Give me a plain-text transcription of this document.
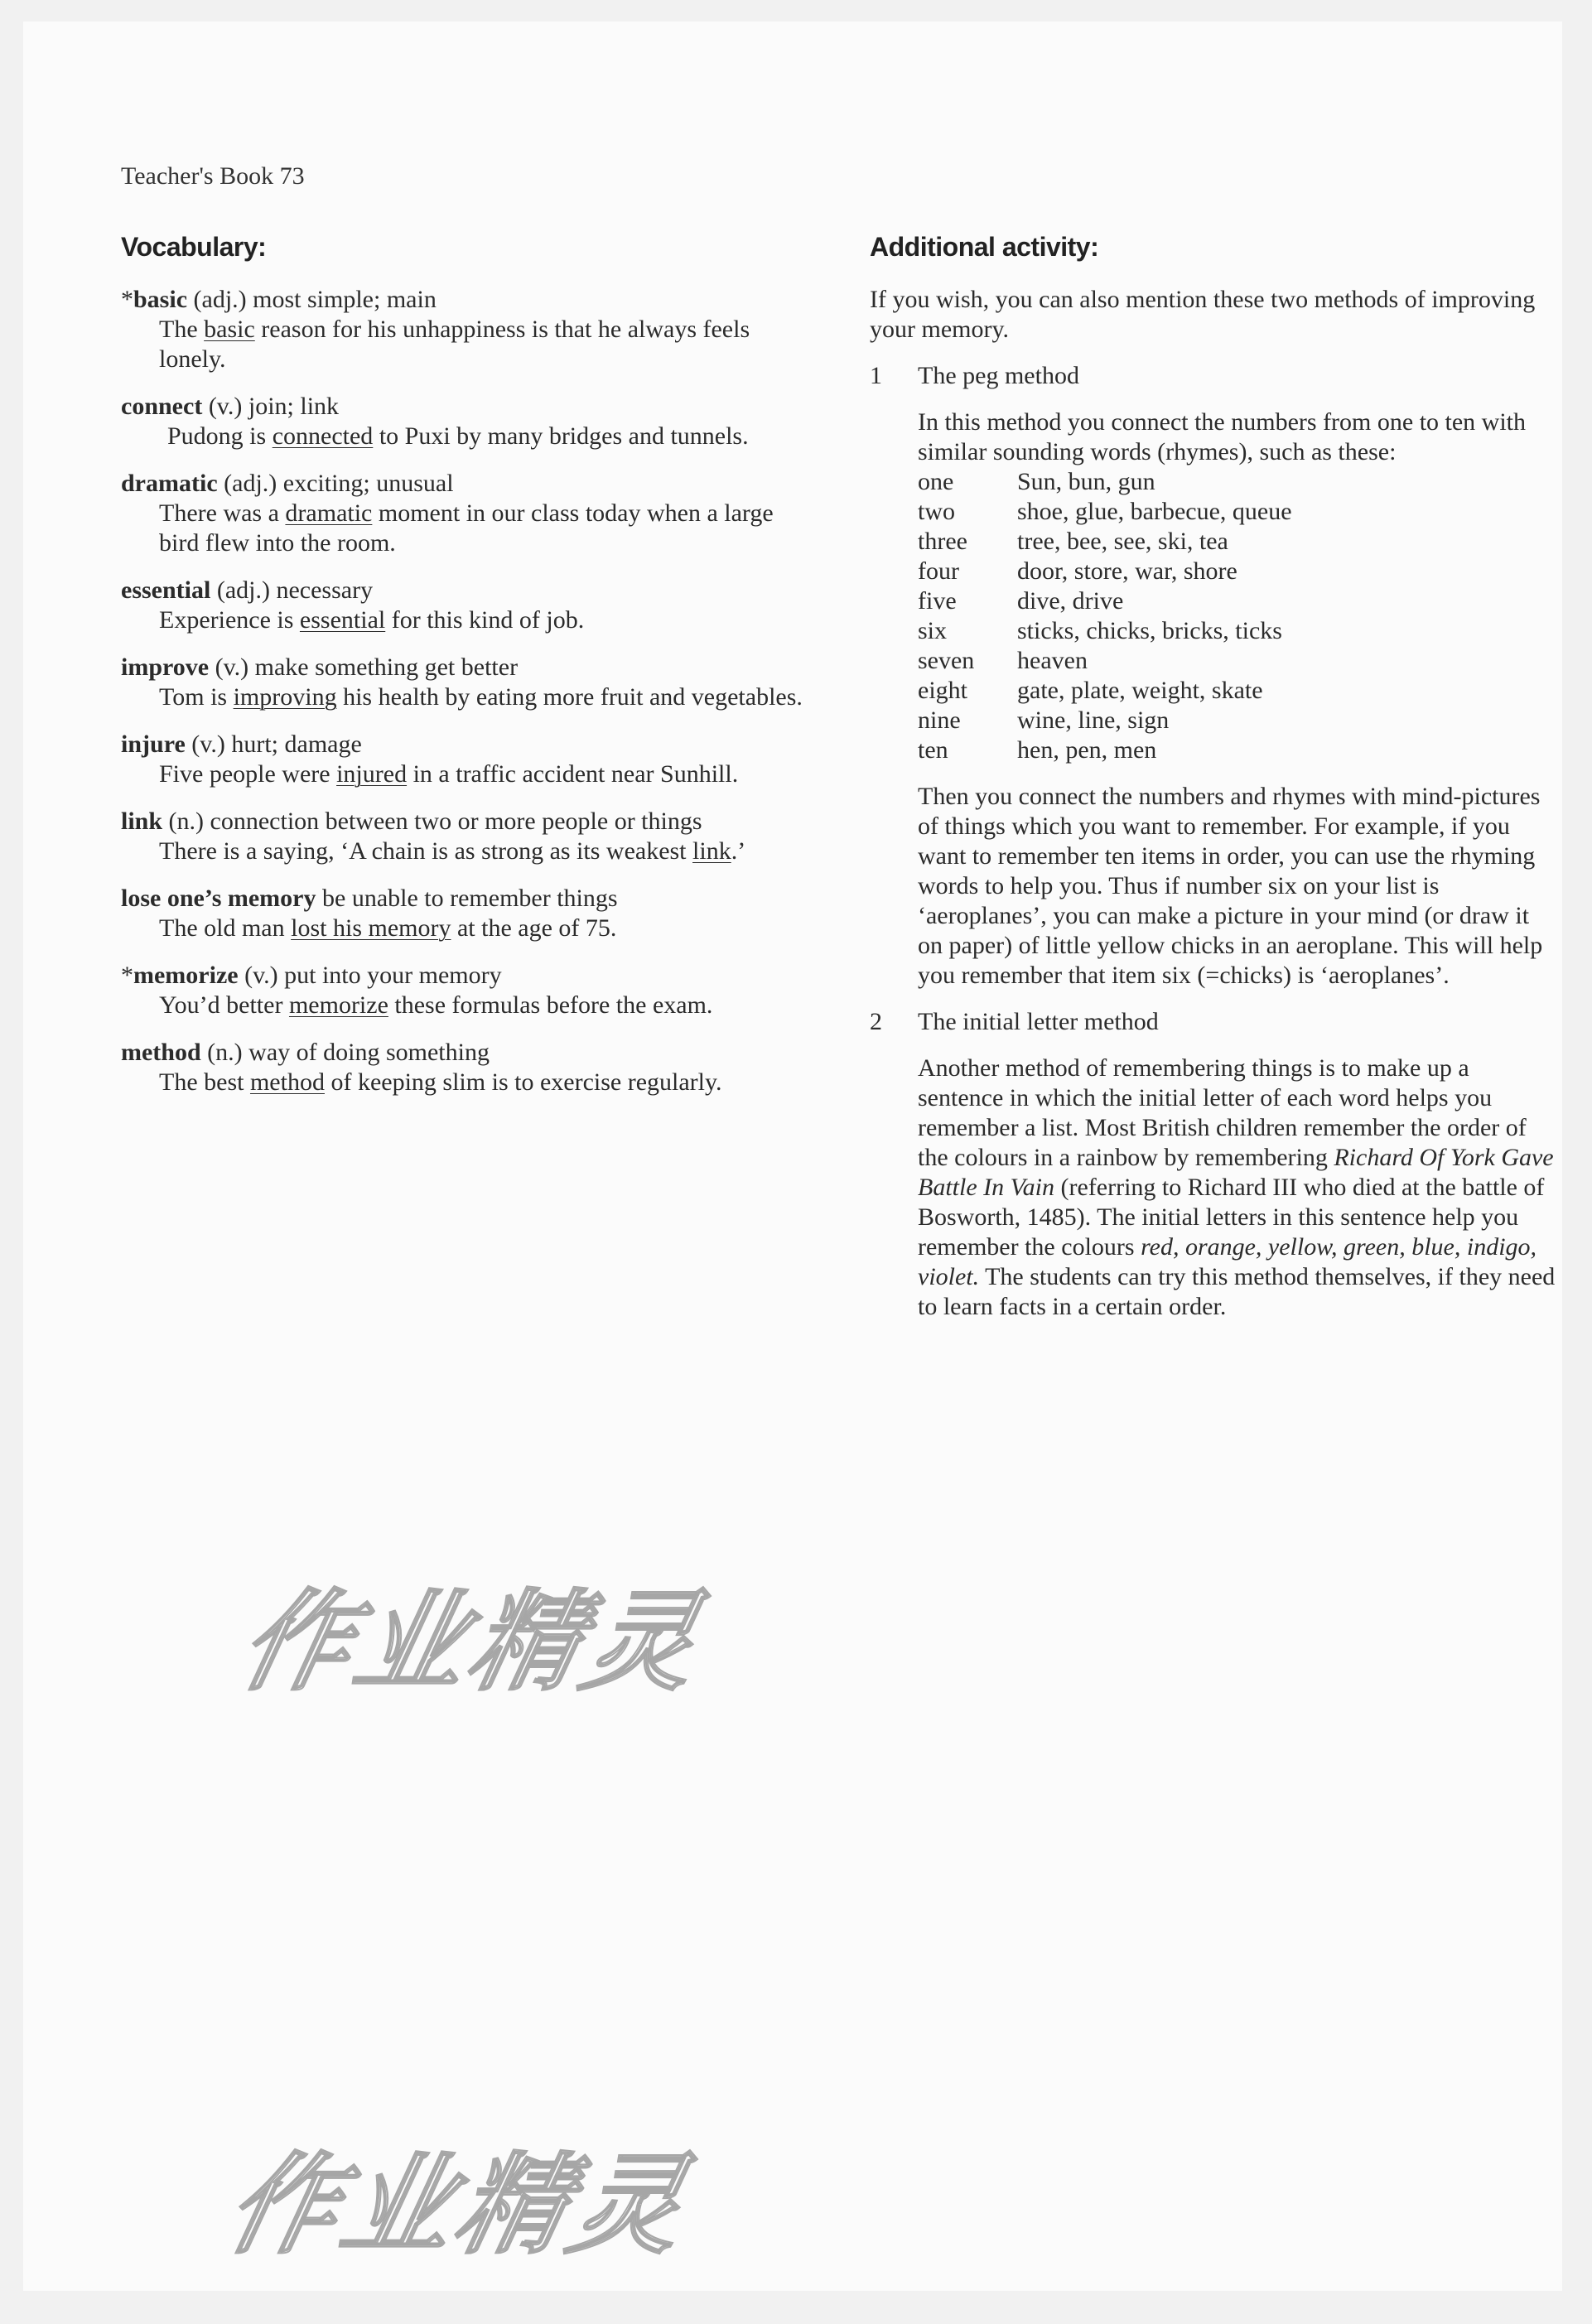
Teacher's Book 73
Vocabulary:

*basic (adj.) most simple; main

The basic reason for his unhappiness is that he always feels lonely.

connect (v.) join; link

Pudong is connected to Puxi by many bridges and tunnels.

dramatic (adj.) exciting; unusual

There was a dramatic moment in our class today when a large bird flew into the room.

essential (adj.) necessary

Experience is essential for this kind of job.

improve (v.) make something get better

Tom is improving his health by eating more fruit and vegetables.

injure (v.) hurt; damage

Five people were injured in a traffic accident near Sunhill.

link (n.) connection between two or more people or things

There is a saying, ‘A chain is as strong as its weakest link.’

lose one’s memory be unable to remember things

The old man lost his memory at the age of 75.

*memorize (v.) put into your memory

You’d better memorize these formulas before the exam.

method (n.) way of doing something

The best method of keeping slim is to exercise regularly.

Additional activity:

If you wish, you can also mention these two methods of improving your memory.

1	The peg method

In this method you connect the numbers from one to ten with similar sounding words (rhymes), such as these:

one	Sun, bun, gun
two	shoe, glue, barbecue, queue
three	tree, bee, see, ski, tea
four	door, store, war, shore
five	dive, drive
six	sticks, chicks, bricks, ticks
seven	heaven
eight	gate, plate, weight, skate
nine	wine, line, sign
ten	hen, pen, men

Then you connect the numbers and rhymes with mind-pictures of things which you want to remember. For example, if you want to remember ten items in order, you can use the rhyming words to help you. Thus if number six on your list is ‘aeroplanes’, you can make a picture in your mind (or draw it on paper) of little yellow chicks in an aeroplane. This will help you remember that item six (=chicks) is ‘aeroplanes’.

2	The initial letter method

Another method of remembering things is to make up a sentence in which the initial letter of each word helps you remember a list. Most British children remember the order of the colours in a rainbow by remembering Richard Of York Gave Battle In Vain (referring to Richard III who died at the battle of Bosworth, 1485). The initial letters in this sentence help you remember the colours red, orange, yellow, green, blue, indigo, violet. The students can try this method themselves, if they need to learn facts in a certain order.

作业精灵
作业精灵
